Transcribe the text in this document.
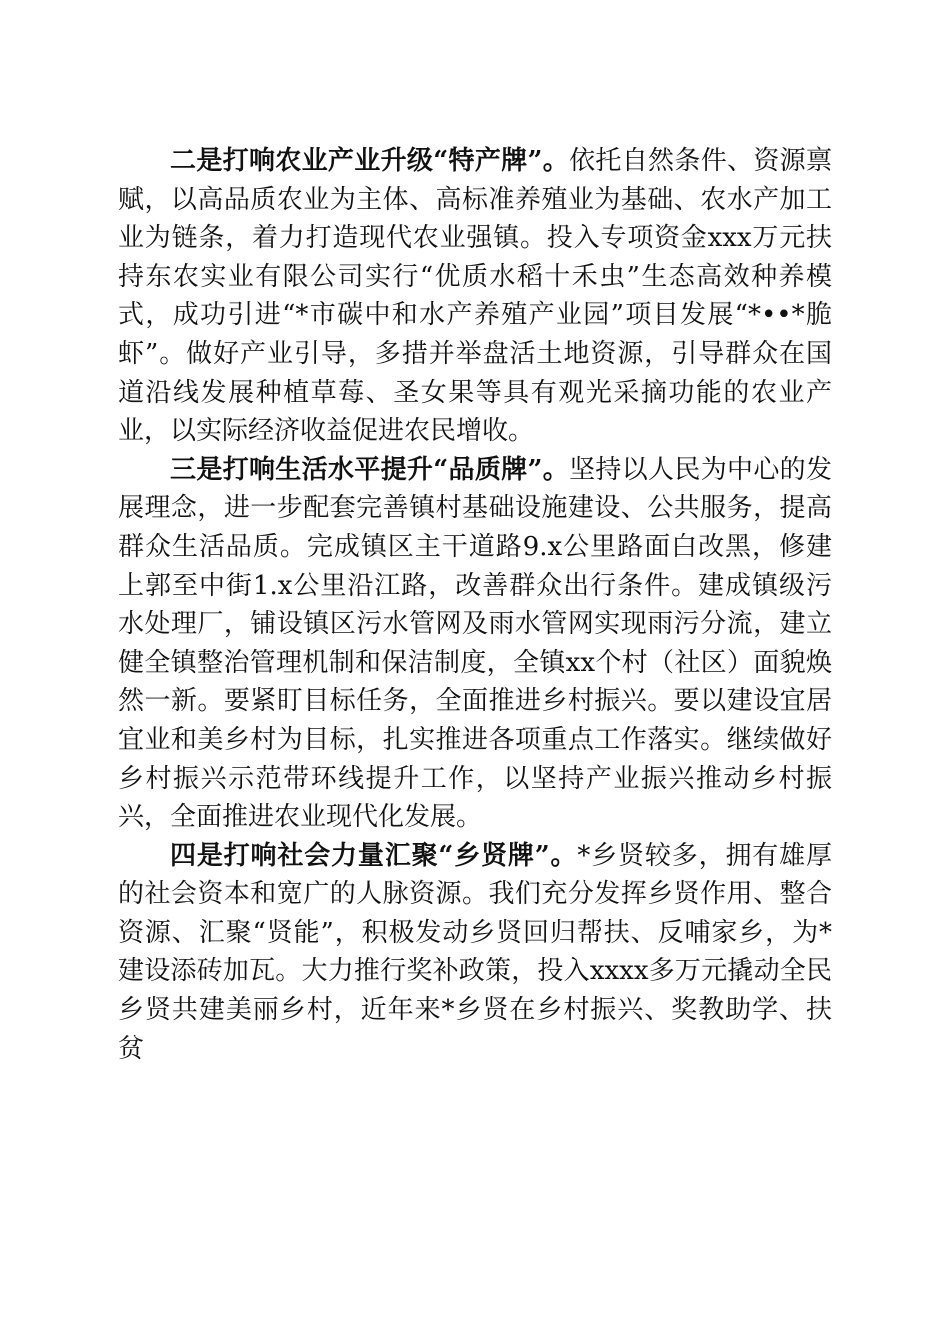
二是打响农业产业升级“特产牌”。依托自然条件、资源禀赋，以高品质农业为主体、高标准养殖业为基础、农水产加工业为链条，着力打造现代农业强镇。投入专项资金xxx万元扶持东农实业有限公司实行“优质水稻十禾虫”生态高效种养模式，成功引进“*市碳中和水产养殖产业园”项目发展“*••*脆虾”。做好产业引导，多措并举盘活土地资源，引导群众在国道沿线发展种植草莓、圣女果等具有观光采摘功能的农业产业，以实际经济收益促进农民增收。

三是打响生活水平提升“品质牌”。坚持以人民为中心的发展理念，进一步配套完善镇村基础设施建设、公共服务，提高群众生活品质。完成镇区主干道路9.x公里路面白改黑，修建上郭至中街1.x公里沿江路，改善群众出行条件。建成镇级污水处理厂，铺设镇区污水管网及雨水管网实现雨污分流，建立健全镇整治管理机制和保洁制度，全镇xx个村（社区）面貌焕然一新。要紧盯目标任务，全面推进乡村振兴。要以建设宜居宜业和美乡村为目标，扎实推进各项重点工作落实。继续做好乡村振兴示范带环线提升工作，以坚持产业振兴推动乡村振兴，全面推进农业现代化发展。

四是打响社会力量汇聚“乡贤牌”。*乡贤较多，拥有雄厚的社会资本和宽广的人脉资源。我们充分发挥乡贤作用、整合资源、汇聚“贤能”，积极发动乡贤回归帮扶、反哺家乡，为*建设添砖加瓦。大力推行奖补政策，投入xxxx多万元撬动全民乡贤共建美丽乡村，近年来*乡贤在乡村振兴、奖教助学、扶贫
